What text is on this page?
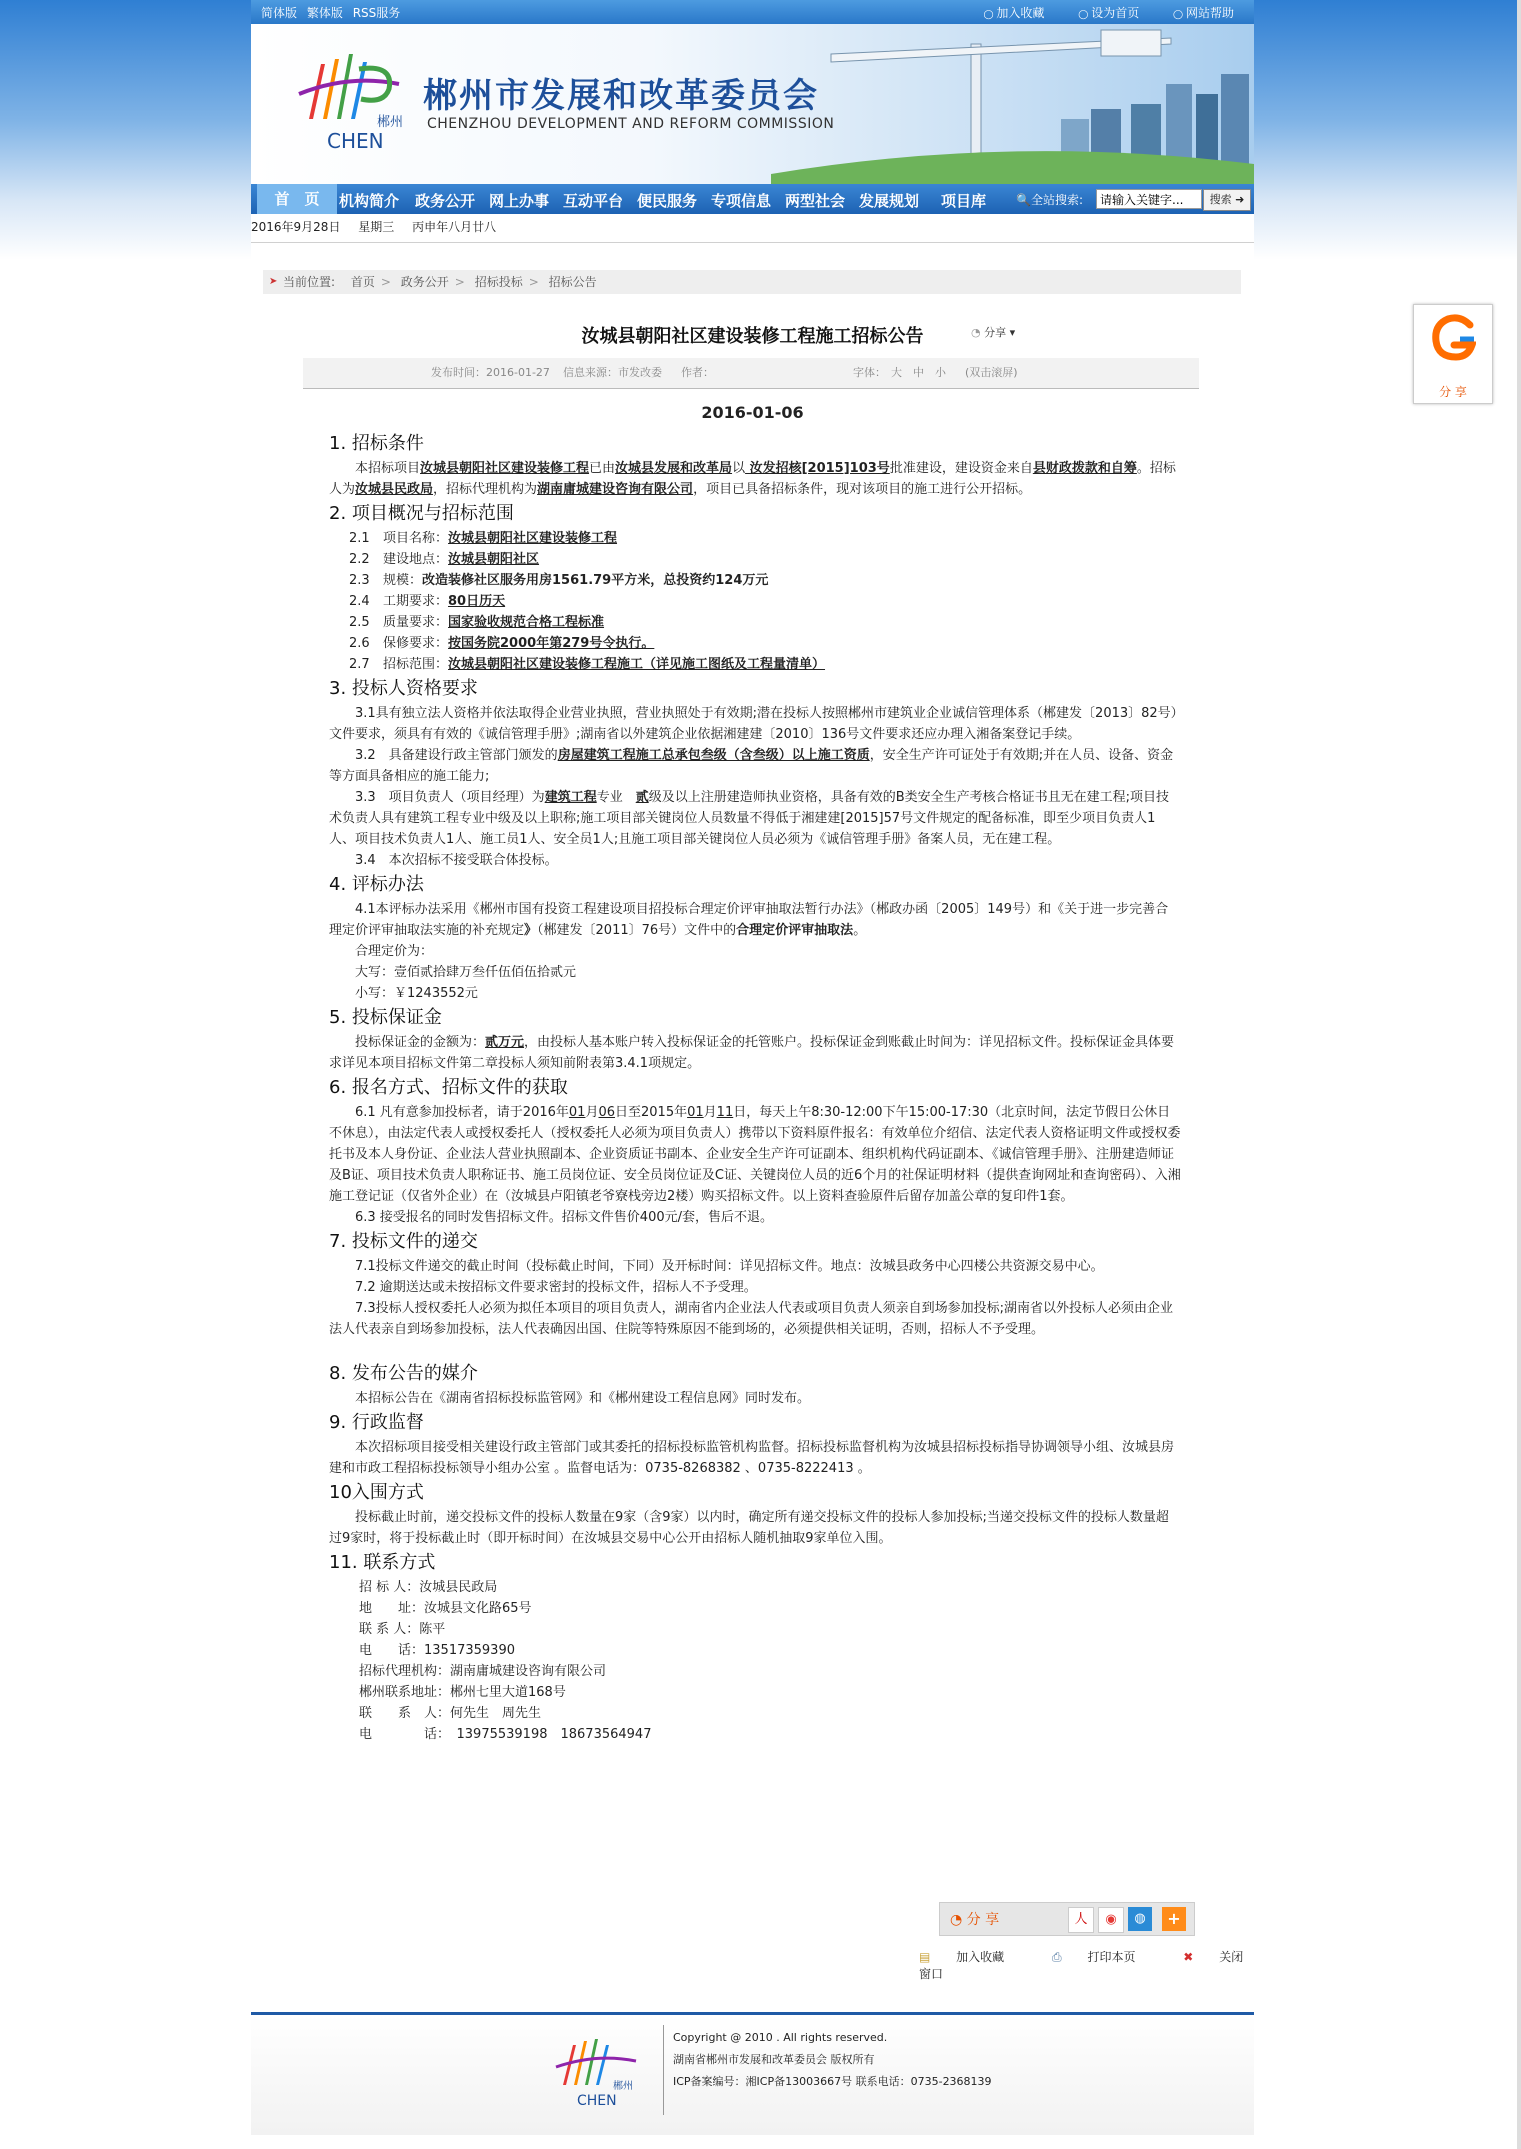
简体版 繁体版 RSS服务	◯ 加入收藏	◯ 设为首页	◯ 网站帮助
郴州
CHEN
郴州市发展和改革委员会
CHENZHOU DEVELOPMENT AND REFORM COMMISSION
首　页	机构简介 政务公开 网上办事 互动平台 便民服务 专项信息 两型社会 发展规划 项目库 🔍全站搜索:
请输入关键字...	搜索 ➜
2016年9月28日 星期三 丙申年八月廿八
➤ 当前位置: 首页 > 政务公开 > 招标投标 > 招标公告
汝城县朝阳社区建设装修工程施工招标公告	◔ 分享 ▾
发布时间：2016-01-27 信息来源：市发改委 作者：	字体： 大 中 小 (双击滚屏)
2016-01-06

1. 招标条件

本招标项目汝城县朝阳社区建设装修工程已由汝城县发展和改革局以 汝发招核[2015]103号批准建设，建设资金来自县财政拨款和自筹。招标人为汝城县民政局，招标代理机构为湖南庸城建设咨询有限公司，项目已具备招标条件，现对该项目的施工进行公开招标。

2. 项目概况与招标范围

2.1 项目名称：汝城县朝阳社区建设装修工程
2.2 建设地点：汝城县朝阳社区
2.3 规模：改造装修社区服务用房1561.79平方米，总投资约124万元
2.4 工期要求：80日历天
2.5 质量要求：国家验收规范合格工程标准
2.6 保修要求：按国务院2000年第279号令执行。
2.7 招标范围：汝城县朝阳社区建设装修工程施工（详见施工图纸及工程量清单）

3. 投标人资格要求

3.1具有独立法人资格并依法取得企业营业执照，营业执照处于有效期;潜在投标人按照郴州市建筑业企业诚信管理体系（郴建发〔2013〕82号）文件要求，须具有有效的《诚信管理手册》;湖南省以外建筑企业依据湘建建〔2010〕136号文件要求还应办理入湘备案登记手续。

3.2　具备建设行政主管部门颁发的房屋建筑工程施工总承包叁级（含叁级）以上施工资质，安全生产许可证处于有效期;并在人员、设备、资金等方面具备相应的施工能力;

3.3　项目负责人（项目经理）为建筑工程专业　贰级及以上注册建造师执业资格，具备有效的B类安全生产考核合格证书且无在建工程;项目技术负责人具有建筑工程专业中级及以上职称;施工项目部关键岗位人员数量不得低于湘建建[2015]57号文件规定的配备标准，即至少项目负责人1人、项目技术负责人1人、施工员1人、安全员1人;且施工项目部关键岗位人员必须为《诚信管理手册》备案人员，无在建工程。

3.4　本次招标不接受联合体投标。

4. 评标办法

4.1本评标办法采用《郴州市国有投资工程建设项目招投标合理定价评审抽取法暂行办法》（郴政办函〔2005〕149号）和《关于进一步完善合理定价评审抽取法实施的补充规定》（郴建发〔2011〕76号）文件中的合理定价评审抽取法。

合理定价为：

大写：壹佰贰拾肆万叁仟伍佰伍拾贰元

小写：￥1243552元

5. 投标保证金

投标保证金的金额为：贰万元，由投标人基本账户转入投标保证金的托管账户。投标保证金到账截止时间为：详见招标文件。投标保证金具体要求详见本项目招标文件第二章投标人须知前附表第3.4.1项规定。

6. 报名方式、招标文件的获取

6.1 凡有意参加投标者，请于2016年01月06日至2015年01月11日，每天上午8:30-12:00下午15:00-17:30（北京时间，法定节假日公休日不休息），由法定代表人或授权委托人（授权委托人必须为项目负责人）携带以下资料原件报名：有效单位介绍信、法定代表人资格证明文件或授权委托书及本人身份证、企业法人营业执照副本、企业资质证书副本、企业安全生产许可证副本、组织机构代码证副本、《诚信管理手册》、注册建造师证及B证、项目技术负责人职称证书、施工员岗位证、安全员岗位证及C证、关键岗位人员的近6个月的社保证明材料（提供查询网址和查询密码）、入湘施工登记证（仅省外企业）在（汝城县卢阳镇老爷寮栈旁边2楼）购买招标文件。以上资料查验原件后留存加盖公章的复印件1套。

6.3 接受报名的同时发售招标文件。招标文件售价400元/套，售后不退。

7. 投标文件的递交

7.1投标文件递交的截止时间（投标截止时间，下同）及开标时间：详见招标文件。地点：汝城县政务中心四楼公共资源交易中心。

7.2 逾期送达或未按招标文件要求密封的投标文件，招标人不予受理。

7.3投标人授权委托人必须为拟任本项目的项目负责人，湖南省内企业法人代表或项目负责人须亲自到场参加投标;湖南省以外投标人必须由企业法人代表亲自到场参加投标，法人代表确因出国、住院等特殊原因不能到场的，必须提供相关证明，否则，招标人不予受理。

8. 发布公告的媒介

本招标公告在《湖南省招标投标监管网》和《郴州建设工程信息网》同时发布。

9. 行政监督

本次招标项目接受相关建设行政主管部门或其委托的招标投标监管机构监督。招标投标监督机构为汝城县招标投标指导协调领导小组、汝城县房建和市政工程招标投标领导小组办公室 。监督电话为：0735-8268382 、0735-8222413 。

10入围方式

投标截止时前，递交投标文件的投标人数量在9家（含9家）以内时，确定所有递交投标文件的投标人参加投标;当递交投标文件的投标人数量超过9家时，将于投标截止时（即开标时间）在汝城县交易中心公开由招标人随机抽取9家单位入围。

11. 联系方式

招 标 人：汝城县民政局
地　　址：汝城县文化路65号
联 系 人：陈平
电　　话：13517359390
招标代理机构：湖南庸城建设咨询有限公司
郴州联系地址：郴州七里大道168号
联　　系　人：何先生　周先生
电　　　　话：　13975539198　18673564947
◔ 分 享	人	◉	◍	+
▤ 加入收藏	⎙ 打印本页	✖ 关闭窗口
郴州
CHEN
Copyright @ 2010 . All rights reserved.
湖南省郴州市发展和改革委员会 版权所有
ICP备案编号：湘ICP备13003667号 联系电话：0735-2368139
分 享
